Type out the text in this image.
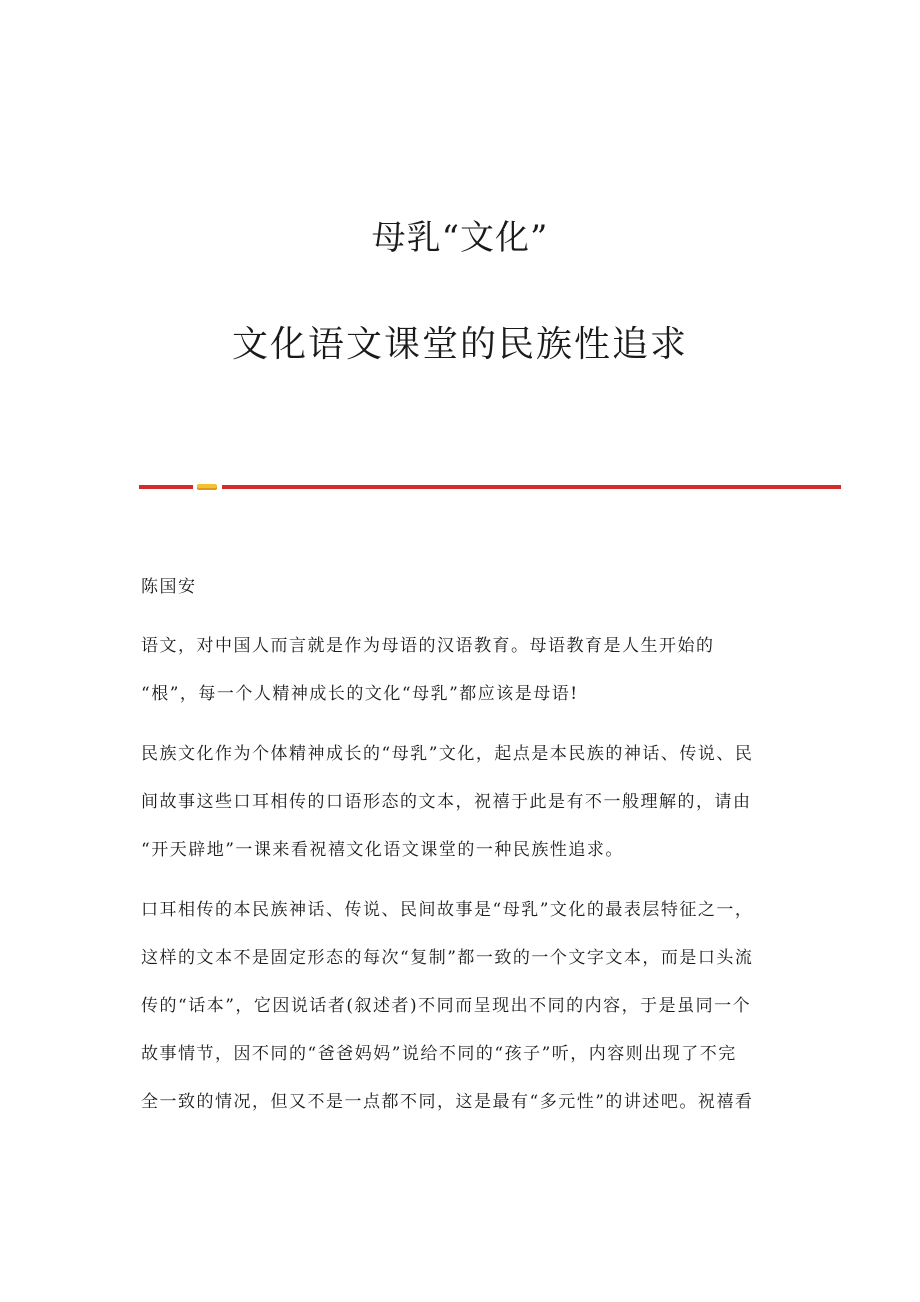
母乳“文化”
文化语文课堂的民族性追求

陈国安

语文，对中国人而言就是作为母语的汉语教育。母语教育是人生开始的
“根”，每一个人精神成长的文化“母乳”都应该是母语!

民族文化作为个体精神成长的“母乳”文化，起点是本民族的神话、传说、民
间故事这些口耳相传的口语形态的文本，祝禧于此是有不一般理解的，请由
“开天辟地”一课来看祝禧文化语文课堂的一种民族性追求。

口耳相传的本民族神话、传说、民间故事是“母乳”文化的最表层特征之一，
这样的文本不是固定形态的每次“复制”都一致的一个文字文本，而是口头流
传的“话本”，它因说话者(叙述者)不同而呈现出不同的内容，于是虽同一个
故事情节，因不同的“爸爸妈妈”说给不同的“孩子”听，内容则出现了不完
全一致的情况，但又不是一点都不同，这是最有“多元性”的讲述吧。祝禧看
